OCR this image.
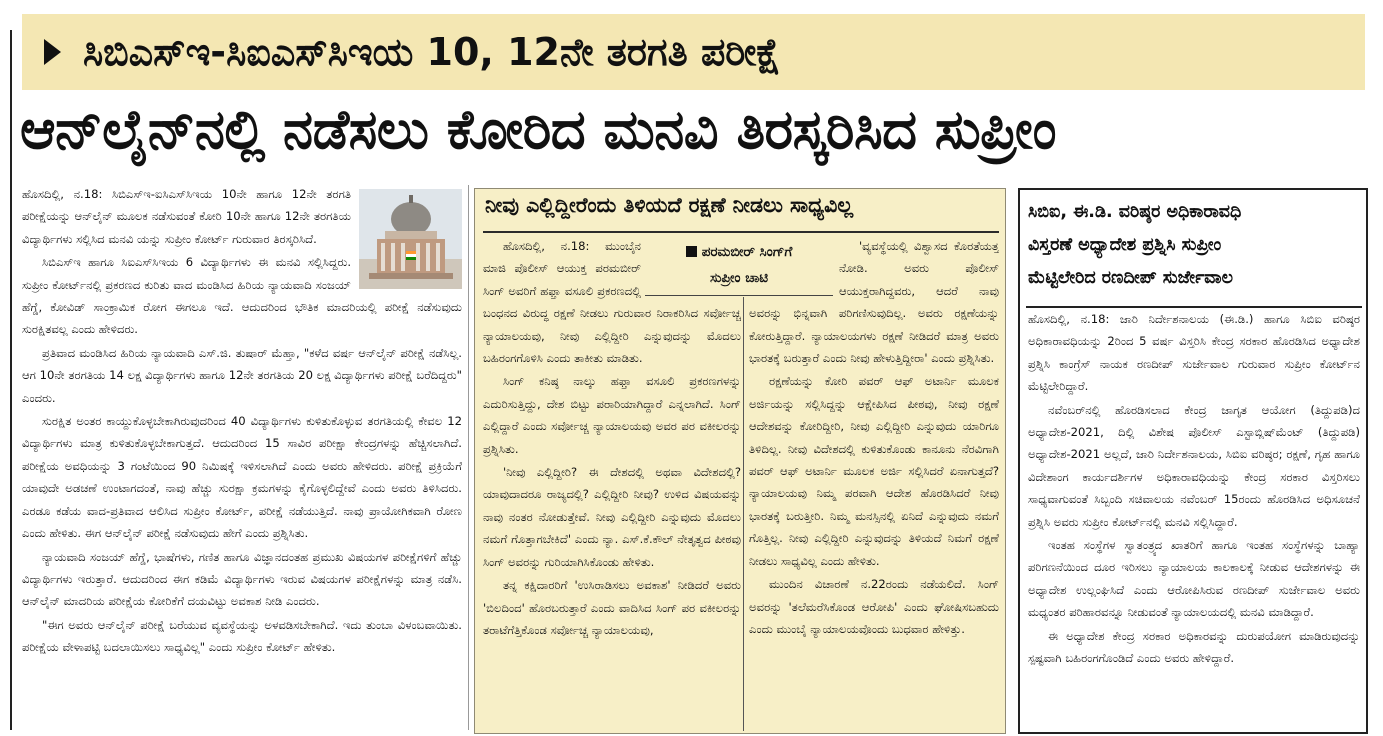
ಸಿಬಿಎಸ್‌ಇ-ಸಿಐಎಸ್‌ಸಿಇಯ 10, 12ನೇ ತರಗತಿ ಪರೀಕ್ಷೆ
ಆನ್‌ಲೈನ್‌ನಲ್ಲಿ ನಡೆಸಲು ಕೋರಿದ ಮನವಿ ತಿರಸ್ಕರಿಸಿದ ಸುಪ್ರೀಂ

ಹೊಸದಿಲ್ಲಿ, ನ.18: ಸಿಬಿಎಸ್‌ಇ-ಐಸಿಎಸ್‌ಸಿಇಯ 10ನೇ ಹಾಗೂ 12ನೇ ತರಗತಿ ಪರೀಕ್ಷೆಯನ್ನು ಆನ್‌ಲೈನ್ ಮೂಲಕ ನಡೆಸುವಂತೆ ಕೋರಿ 10ನೇ ಹಾಗೂ 12ನೇ ತರಗತಿಯ ವಿದ್ಯಾರ್ಥಿಗಳು ಸಲ್ಲಿಸಿದ ಮನವಿ ಯನ್ನು ಸುಪ್ರೀಂ ಕೋರ್ಟ್ ಗುರುವಾರ ತಿರಸ್ಕರಿಸಿದೆ.

ಸಿಬಿಎಸ್‌ಇ ಹಾಗೂ ಸಿಐಎಸ್‌ಸಿಇಯ 6 ವಿದ್ಯಾರ್ಥಿಗಳು ಈ ಮನವಿ ಸಲ್ಲಿಸಿದ್ದರು. ಸುಪ್ರೀಂ ಕೋರ್ಟ್‌ನಲ್ಲಿ ಪ್ರಕರಣದ ಕುರಿತು ವಾದ ಮಂಡಿಸಿದ ಹಿರಿಯ ನ್ಯಾಯವಾದಿ ಸಂಜಯ್ ಹೆಗ್ಡೆ, ಕೋವಿಡ್ ಸಾಂಕ್ರಾಮಿಕ ರೋಗ ಈಗಲೂ ಇದೆ. ಆದುದರಿಂದ ಭೌತಿಕ ಮಾದರಿಯಲ್ಲಿ ಪರೀಕ್ಷೆ ನಡೆಸುವುದು ಸುರಕ್ಷಿತವಲ್ಲ ಎಂದು ಹೇಳಿದರು.

ಪ್ರತಿವಾದ ಮಂಡಿಸಿದ ಹಿರಿಯ ನ್ಯಾಯವಾದಿ ಎಸ್.ಜಿ. ತುಷಾರ್ ಮೆಹ್ತಾ, "ಕಳೆದ ವರ್ಷ ಆನ್‌ಲೈನ್ ಪರೀಕ್ಷೆ ನಡೆಸಿಲ್ಲ. ಆಗ 10ನೇ ತರಗತಿಯ 14 ಲಕ್ಷ ವಿದ್ಯಾರ್ಥಿಗಳು ಹಾಗೂ 12ನೇ ತರಗತಿಯ 20 ಲಕ್ಷ ವಿದ್ಯಾರ್ಥಿಗಳು ಪರೀಕ್ಷೆ ಬರೆದಿದ್ದರು" ಎಂದರು.

ಸುರಕ್ಷಿತ ಅಂತರ ಕಾಯ್ದುಕೊಳ್ಳಬೇಕಾಗಿರುವುದರಿಂದ 40 ವಿದ್ಯಾರ್ಥಿಗಳು ಕುಳಿತುಕೊಳ್ಳುವ ತರಗತಿಯಲ್ಲಿ ಕೇವಲ 12 ವಿದ್ಯಾರ್ಥಿಗಳು ಮಾತ್ರ ಕುಳಿತುಕೊಳ್ಳಬೇಕಾಗುತ್ತದೆ. ಆದುದರಿಂದ 15 ಸಾವಿರ ಪರೀಕ್ಷಾ ಕೇಂದ್ರಗಳನ್ನು ಹೆಚ್ಚಿಸಲಾಗಿದೆ. ಪರೀಕ್ಷೆಯ ಅವಧಿಯನ್ನು 3 ಗಂಟೆಯಿಂದ 90 ನಿಮಿಷಕ್ಕೆ ಇಳಿಸಲಾಗಿದೆ ಎಂದು ಅವರು ಹೇಳಿದರು. ಪರೀಕ್ಷೆ ಪ್ರಕ್ರಿಯೆಗೆ ಯಾವುದೇ ಅಡಚಣೆ ಉಂಟಾಗದಂತೆ, ನಾವು ಹೆಚ್ಚು ಸುರಕ್ಷಾ ಕ್ರಮಗಳನ್ನು ಕೈಗೊಳ್ಳಲಿದ್ದೇವೆ ಎಂದು ಅವರು ತಿಳಿಸಿದರು. ಎರಡೂ ಕಡೆಯ ವಾದ-ಪ್ರತಿವಾದ ಆಲಿಸಿದ ಸುಪ್ರೀಂ ಕೋರ್ಟ್, ಪರೀಕ್ಷೆ ನಡೆಯುತ್ತಿದೆ. ನಾವು ಪ್ರಾಯೋಗಿಕವಾಗಿ ರೋಣ ಎಂದು ಹೇಳಿತು. ಈಗ ಆನ್‌ಲೈನ್ ಪರೀಕ್ಷೆ ನಡೆಸುವುದು ಹೇಗೆ ಎಂದು ಪ್ರಶ್ನಿಸಿತು.

ನ್ಯಾಯವಾದಿ ಸಂಜಯ್ ಹೆಗ್ಡೆ, ಭಾಷೆಗಳು, ಗಣಿತ ಹಾಗೂ ವಿಜ್ಞಾನದಂತಹ ಪ್ರಮುಖ ವಿಷಯಗಳ ಪರೀಕ್ಷೆಗಳಿಗೆ ಹೆಚ್ಚು ವಿದ್ಯಾರ್ಥಿಗಳು ಇರುತ್ತಾರೆ. ಆದುದರಿಂದ ಈಗ ಕಡಿಮೆ ವಿದ್ಯಾರ್ಥಿಗಳು ಇರುವ ವಿಷಯಗಳ ಪರೀಕ್ಷೆಗಳನ್ನು ಮಾತ್ರ ನಡೆಸಿ. ಆನ್‌ಲೈನ್ ಮಾದರಿಯ ಪರೀಕ್ಷೆಯ ಕೋರಿಕೆಗೆ ದಯವಿಟ್ಟು ಅವಕಾಶ ನೀಡಿ ಎಂದರು.

"ಈಗ ಅವರು ಆನ್‌ಲೈನ್ ಪರೀಕ್ಷೆ ಬರೆಯುವ ವ್ಯವಸ್ಥೆಯನ್ನು ಅಳವಡಿಸಬೇಕಾಗಿದೆ. ಇದು ತುಂಬಾ ವಿಳಂಬವಾಯಿತು. ಪರೀಕ್ಷೆಯ ವೇಳಾಪಟ್ಟಿ ಬದಲಾಯಿಸಲು ಸಾಧ್ಯವಿಲ್ಲ" ಎಂದು ಸುಪ್ರೀಂ ಕೋರ್ಟ್ ಹೇಳಿತು.

ನೀವು ಎಲ್ಲಿದ್ದೀರೆಂದು ತಿಳಿಯದೆ ರಕ್ಷಣೆ ನೀಡಲು ಸಾಧ್ಯವಿಲ್ಲ

ಹೊಸದಿಲ್ಲಿ, ನ.18: ಮುಂಬೈನ ಮಾಜಿ ಪೊಲೀಸ್ ಆಯುಕ್ತ ಪರಮಬೀರ್ ಸಿಂಗ್ ಅವರಿಗೆ ಹಫ್ತಾ ವಸೂಲಿ ಪ್ರಕರಣದಲ್ಲಿ ಬಂಧನದ ವಿರುದ್ಧ ರಕ್ಷಣೆ ನೀಡಲು ಗುರುವಾರ ನಿರಾಕರಿಸಿದ ಸರ್ವೋಚ್ಚ ನ್ಯಾಯಾಲಯವು, ನೀವು ಎಲ್ಲಿದ್ದೀರಿ ಎನ್ನುವುದನ್ನು ಮೊದಲು ಬಹಿರಂಗಗೊಳಿಸಿ ಎಂದು ತಾಕೀತು ಮಾಡಿತು.

ಸಿಂಗ್ ಕನಿಷ್ಠ ನಾಲ್ಕು ಹಫ್ತಾ ವಸೂಲಿ ಪ್ರಕರಣಗಳನ್ನು ಎದುರಿಸುತ್ತಿದ್ದು, ದೇಶ ಬಿಟ್ಟು ಪರಾರಿಯಾಗಿದ್ದಾರೆ ಎನ್ನಲಾಗಿದೆ. ಸಿಂಗ್ ಎಲ್ಲಿದ್ದಾರೆ ಎಂದು ಸರ್ವೋಚ್ಚ ನ್ಯಾಯಾಲಯವು ಅವರ ಪರ ವಕೀಲರನ್ನು ಪ್ರಶ್ನಿಸಿತು.

'ನೀವು ಎಲ್ಲಿದ್ದೀರಿ? ಈ ದೇಶದಲ್ಲಿ ಅಥವಾ ವಿದೇಶದಲ್ಲಿ? ಯಾವುದಾದರೂ ರಾಜ್ಯದಲ್ಲಿ? ಎಲ್ಲಿದ್ದೀರಿ ನೀವು? ಉಳಿದ ವಿಷಯವನ್ನು ನಾವು ನಂತರ ನೋಡುತ್ತೇವೆ. ನೀವು ಎಲ್ಲಿದ್ದೀರಿ ಎನ್ನುವುದು ಮೊದಲು ನಮಗೆ ಗೊತ್ತಾಗಬೇಕಿದೆ' ಎಂದು ನ್ಯಾ. ಎಸ್.ಕೆ.ಕೌಲ್ ನೇತೃತ್ವದ ಪೀಠವು ಸಿಂಗ್ ಅವರನ್ನು ಗುರಿಯಾಗಿಸಿಕೊಂಡು ಹೇಳಿತು.

ತನ್ನ ಕಕ್ಷಿದಾರರಿಗೆ 'ಉಸಿರಾಡಿಸಲು ಅವಕಾಶ' ನೀಡಿದರೆ ಅವರು 'ಬಿಲದಿಂದ' ಹೊರಬರುತ್ತಾರೆ ಎಂದು ವಾದಿಸಿದ ಸಿಂಗ್ ಪರ ವಕೀಲರನ್ನು ತರಾಟೆಗೆತ್ತಿಕೊಂಡ ಸರ್ವೋಚ್ಚ ನ್ಯಾಯಾಲಯವು,

'ವ್ಯವಸ್ಥೆಯಲ್ಲಿ ವಿಶ್ವಾಸದ ಕೊರತೆಯತ್ತ ನೋಡಿ. ಅವರು ಪೊಲೀಸ್ ಆಯುಕ್ತರಾಗಿದ್ದವರು, ಆದರೆ ನಾವು ಅವರನ್ನು ಭಿನ್ನವಾಗಿ ಪರಿಗಣಿಸುವುದಿಲ್ಲ. ಅವರು ರಕ್ಷಣೆಯನ್ನು ಕೋರುತ್ತಿದ್ದಾರೆ. ನ್ಯಾಯಾಲಯಗಳು ರಕ್ಷಣೆ ನೀಡಿದರೆ ಮಾತ್ರ ಅವರು ಭಾರತಕ್ಕೆ ಬರುತ್ತಾರೆ ಎಂದು ನೀವು ಹೇಳುತ್ತಿದ್ದೀರಾ' ಎಂದು ಪ್ರಶ್ನಿಸಿತು.

ರಕ್ಷಣೆಯನ್ನು ಕೋರಿ ಪವರ್ ಆಫ್ ಅಟಾರ್ನಿ ಮೂಲಕ ಅರ್ಜಿಯನ್ನು ಸಲ್ಲಿಸಿದ್ದನ್ನು ಆಕ್ಷೇಪಿಸಿದ ಪೀಠವು, ನೀವು ರಕ್ಷಣೆ ಆದೇಶವನ್ನು ಕೋರಿದ್ದೀರಿ, ನೀವು ಎಲ್ಲಿದ್ದೀರಿ ಎನ್ನುವುದು ಯಾರಿಗೂ ತಿಳಿದಿಲ್ಲ. ನೀವು ವಿದೇಶದಲ್ಲಿ ಕುಳಿತುಕೊಂಡು ಕಾನೂನು ನೆರವಿಗಾಗಿ ಪವರ್ ಆಫ್ ಅಟಾರ್ನಿ ಮೂಲಕ ಅರ್ಜಿ ಸಲ್ಲಿಸಿದರೆ ಏನಾಗುತ್ತದೆ? ನ್ಯಾಯಾಲಯವು ನಿಮ್ಮ ಪರವಾಗಿ ಆದೇಶ ಹೊರಡಿಸಿದರೆ ನೀವು ಭಾರತಕ್ಕೆ ಬರುತ್ತೀರಿ. ನಿಮ್ಮ ಮನಸ್ಸಿನಲ್ಲಿ ಏನಿದೆ ಎನ್ನುವುದು ನಮಗೆ ಗೊತ್ತಿಲ್ಲ. ನೀವು ಎಲ್ಲಿದ್ದೀರಿ ಎನ್ನುವುದನ್ನು ತಿಳಿಯದೆ ನಿಮಗೆ ರಕ್ಷಣೆ ನೀಡಲು ಸಾಧ್ಯವಿಲ್ಲ ಎಂದು ಹೇಳಿತು.

ಮುಂದಿನ ವಿಚಾರಣೆ ನ.22ರಂದು ನಡೆಯಲಿದೆ. ಸಿಂಗ್ ಅವರನ್ನು 'ತಲೆಮರೆಸಿಕೊಂಡ ಆರೋಪಿ' ಎಂದು ಘೋಷಿಸಬಹುದು ಎಂದು ಮುಂಬೈ ನ್ಯಾಯಾಲಯವೊಂದು ಬುಧವಾರ ಹೇಳಿತ್ತು.

ಪರಮಬೀರ್ ಸಿಂಗ್‌ಗೆ
ಸುಪ್ರೀಂ ಚಾಟಿ
ಸಿಬಿಐ, ಈ.ಡಿ. ವರಿಷ್ಠರ ಅಧಿಕಾರಾವಧಿ
ವಿಸ್ತರಣೆ ಅಧ್ಯಾದೇಶ ಪ್ರಶ್ನಿಸಿ ಸುಪ್ರೀಂ
ಮೆಟ್ಟಿಲೇರಿದ ರಣದೀಪ್ ಸುರ್ಜೇವಾಲ

ಹೊಸದಿಲ್ಲಿ, ನ.18: ಜಾರಿ ನಿರ್ದೇಶನಾಲಯ (ಈ.ಡಿ.) ಹಾಗೂ ಸಿಬಿಐ ವರಿಷ್ಠರ ಅಧಿಕಾರಾವಧಿಯನ್ನು 2ರಿಂದ 5 ವರ್ಷ ವಿಸ್ತರಿಸಿ ಕೇಂದ್ರ ಸರಕಾರ ಹೊರಡಿಸಿದ ಅಧ್ಯಾದೇಶ ಪ್ರಶ್ನಿಸಿ ಕಾಂಗ್ರೆಸ್ ನಾಯಕ ರಣದೀಪ್ ಸುರ್ಜೇವಾಲ ಗುರುವಾರ ಸುಪ್ರೀಂ ಕೋರ್ಟ್‌ನ ಮೆಟ್ಟಿಲೇರಿದ್ದಾರೆ.

ನವೆಂಬರ್‌ನಲ್ಲಿ ಹೊರಡಿಸಲಾದ ಕೇಂದ್ರ ಜಾಗೃತ ಆಯೋಗ (ತಿದ್ದುಪಡಿ)ದ ಅಧ್ಯಾದೇಶ-2021, ದಿಲ್ಲಿ ವಿಶೇಷ ಪೊಲೀಸ್ ಎಸ್ಟಾಬ್ಲಿಷ್‌ಮೆಂಟ್ (ತಿದ್ದುಪಡಿ) ಅಧ್ಯಾದೇಶ-2021 ಅಲ್ಲದೆ, ಜಾರಿ ನಿರ್ದೇಶನಾಲಯ, ಸಿಬಿಐ ವರಿಷ್ಠರ; ರಕ್ಷಣೆ, ಗೃಹ ಹಾಗೂ ವಿದೇಶಾಂಗ ಕಾರ್ಯದರ್ಶಿಗಳ ಅಧಿಕಾರಾವಧಿಯನ್ನು ಕೇಂದ್ರ ಸರಕಾರ ವಿಸ್ತರಿಸಲು ಸಾಧ್ಯವಾಗುವಂತೆ ಸಿಬ್ಬಂದಿ ಸಚಿವಾಲಯ ನವೆಂಬರ್ 15ರಂದು ಹೊರಡಿಸಿದ ಅಧಿಸೂಚನೆ ಪ್ರಶ್ನಿಸಿ ಅವರು ಸುಪ್ರೀಂ ಕೋರ್ಟ್‌ನಲ್ಲಿ ಮನವಿ ಸಲ್ಲಿಸಿದ್ದಾರೆ.

ಇಂತಹ ಸಂಸ್ಥೆಗಳ ಸ್ವಾತಂತ್ರ್ಯದ ಖಾತರಿಗೆ ಹಾಗೂ ಇಂತಹ ಸಂಸ್ಥೆಗಳನ್ನು ಬಾಹ್ಯಾ ಪರಿಗಣನೆಯಿಂದ ದೂರ ಇರಿಸಲು ನ್ಯಾಯಾಲಯ ಕಾಲಕಾಲಕ್ಕೆ ನೀಡುವ ಆದೇಶಗಳನ್ನು ಈ ಅಧ್ಯಾದೇಶ ಉಲ್ಲಂಘಿಸಿದೆ ಎಂದು ಆರೋಪಿಸಿರುವ ರಣದೀಪ್ ಸುರ್ಜೇವಾಲ ಅವರು ಮಧ್ಯಂತರ ಪರಿಹಾರವನ್ನೂ ನೀಡುವಂತೆ ನ್ಯಾಯಾಲಯದಲ್ಲಿ ಮನವಿ ಮಾಡಿದ್ದಾರೆ.

ಈ ಅಧ್ಯಾದೇಶ ಕೇಂದ್ರ ಸರಕಾರ ಅಧಿಕಾರವನ್ನು ದುರುಪಯೋಗ ಮಾಡಿರುವುದನ್ನು ಸ್ಪಷ್ಟವಾಗಿ ಬಹಿರಂಗಗೊಂಡಿದೆ ಎಂದು ಅವರು ಹೇಳಿದ್ದಾರೆ.
